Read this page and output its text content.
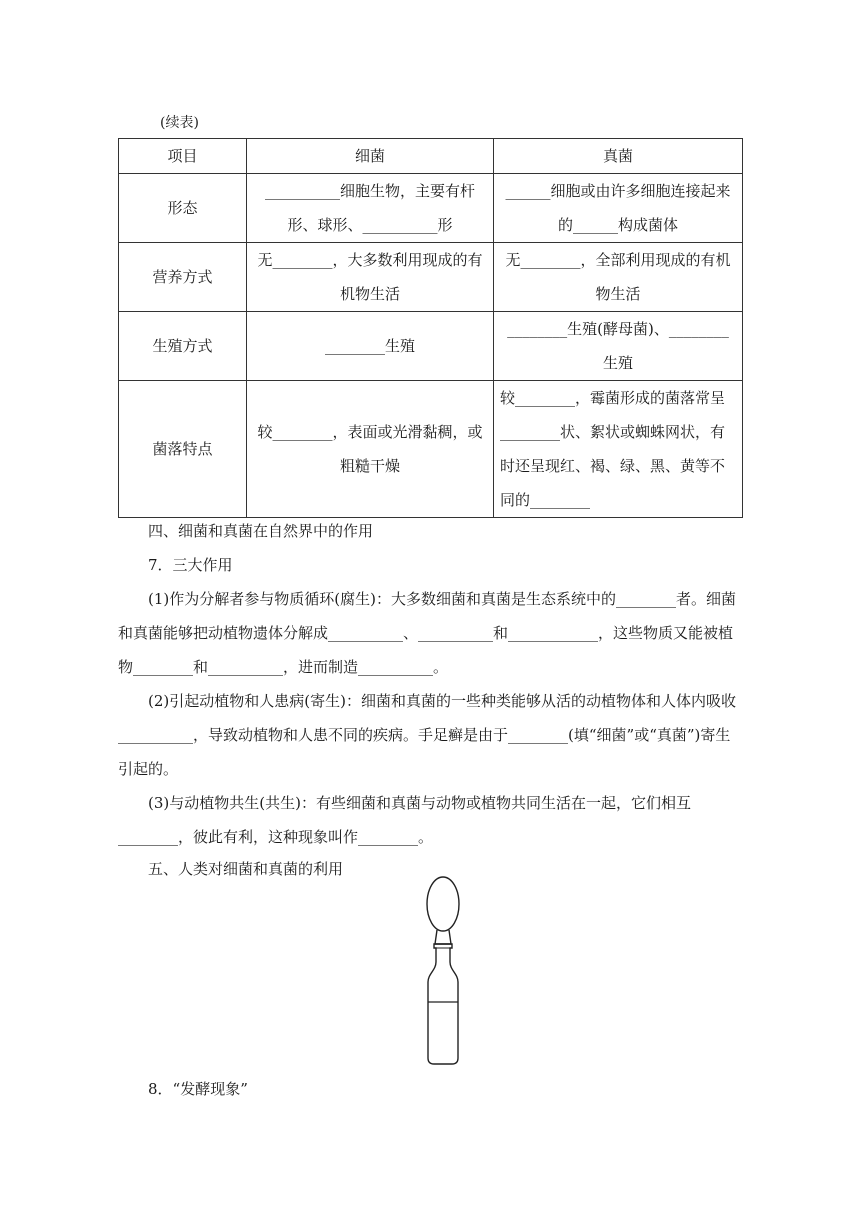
(续表)
项目	细菌	真菌
形态	__________细胞生物，主要有杆形、球形、__________形	______细胞或由许多细胞连接起来的______构成菌体
营养方式	无________，大多数利用现成的有机物生活	无________，全部利用现成的有机物生活
生殖方式	________生殖	________生殖(酵母菌)、________生殖
菌落特点	较________，表面或光滑黏稠，或粗糙干燥	较________，霉菌形成的菌落常呈________状、絮状或蜘蛛网状，有时还呈现红、褐、绿、黑、黄等不同的________
四、细菌和真菌在自然界中的作用
7．三大作用
(1)作为分解者参与物质循环(腐生)：大多数细菌和真菌是生态系统中的________者。细菌和真菌能够把动植物遗体分解成__________、__________和____________，这些物质又能被植物________和__________，进而制造__________。
(2)引起动植物和人患病(寄生)：细菌和真菌的一些种类能够从活的动植物体和人体内吸收__________，导致动植物和人患不同的疾病。手足癣是由于________(填“细菌”或“真菌”)寄生引起的。
(3)与动植物共生(共生)：有些细菌和真菌与动物或植物共同生活在一起，它们相互________，彼此有利，这种现象叫作________。
五、人类对细菌和真菌的利用
8．“发酵现象”
